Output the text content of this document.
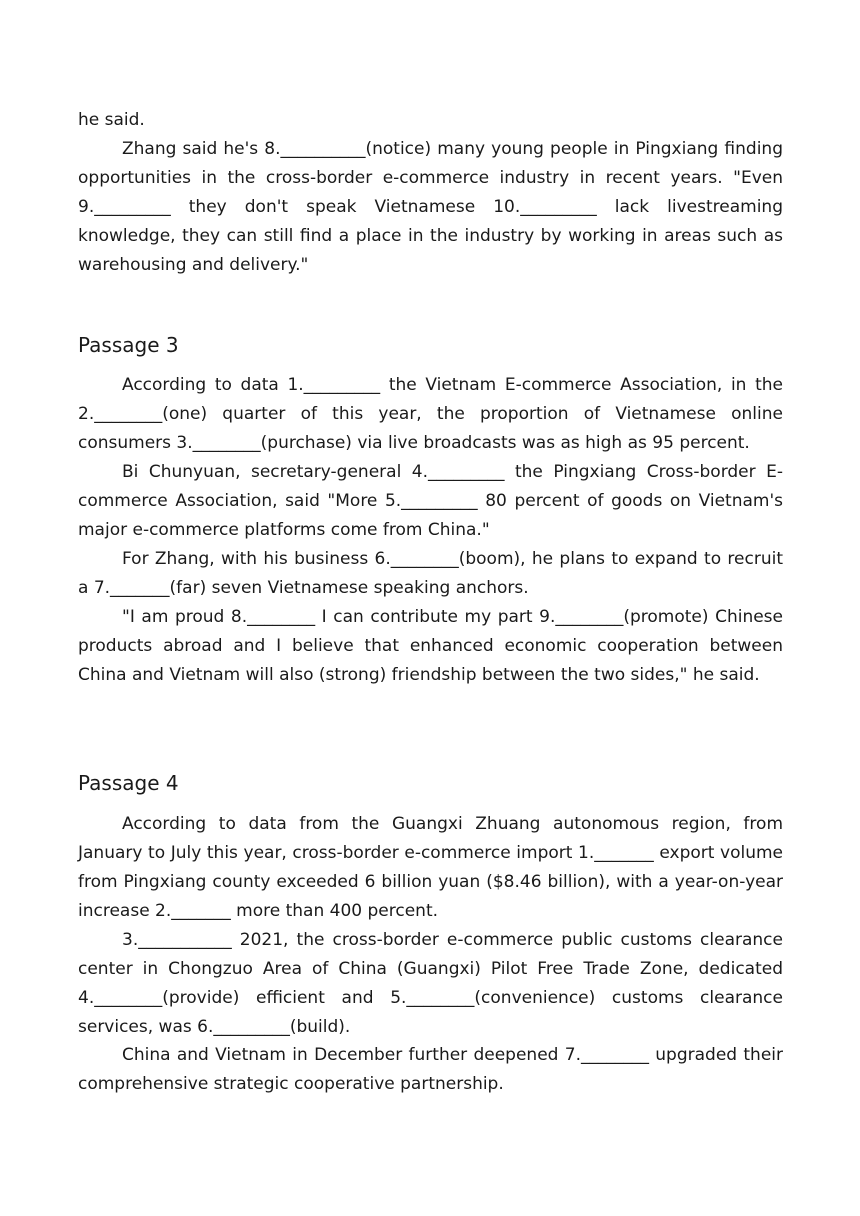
he said.

Zhang said he's 8.__________(notice) many young people in Pingxiang finding opportunities in the cross-border e-commerce industry in recent years. "Even 9._________ they don't speak Vietnamese 10._________ lack livestreaming knowledge, they can still find a place in the industry by working in areas such as warehousing and delivery."

Passage 3

According to data 1._________ the Vietnam E-commerce Association, in the 2.________(one) quarter of this year, the proportion of Vietnamese online consumers 3.________(purchase) via live broadcasts was as high as 95 percent.

Bi Chunyuan, secretary-general 4._________ the Pingxiang Cross-border E-commerce Association, said "More 5._________ 80 percent of goods on Vietnam's major e-commerce platforms come from China."

For Zhang, with his business 6.________(boom), he plans to expand to recruit a 7._______(far) seven Vietnamese speaking anchors.

"I am proud 8.________ I can contribute my part 9.________(promote) Chinese products abroad and I believe that enhanced economic cooperation between China and Vietnam will also (strong) friendship between the two sides," he said.

Passage 4

According to data from the Guangxi Zhuang autonomous region, from January to July this year, cross-border e-commerce import 1._______ export volume from Pingxiang county exceeded 6 billion yuan ($8.46 billion), with a year-on-year increase 2._______ more than 400 percent.

3.___________ 2021, the cross-border e-commerce public customs clearance center in Chongzuo Area of China (Guangxi) Pilot Free Trade Zone, dedicated 4.________(provide) efficient and 5.________(convenience) customs clearance services, was 6._________(build).

China and Vietnam in December further deepened 7.________ upgraded their comprehensive strategic cooperative partnership.
